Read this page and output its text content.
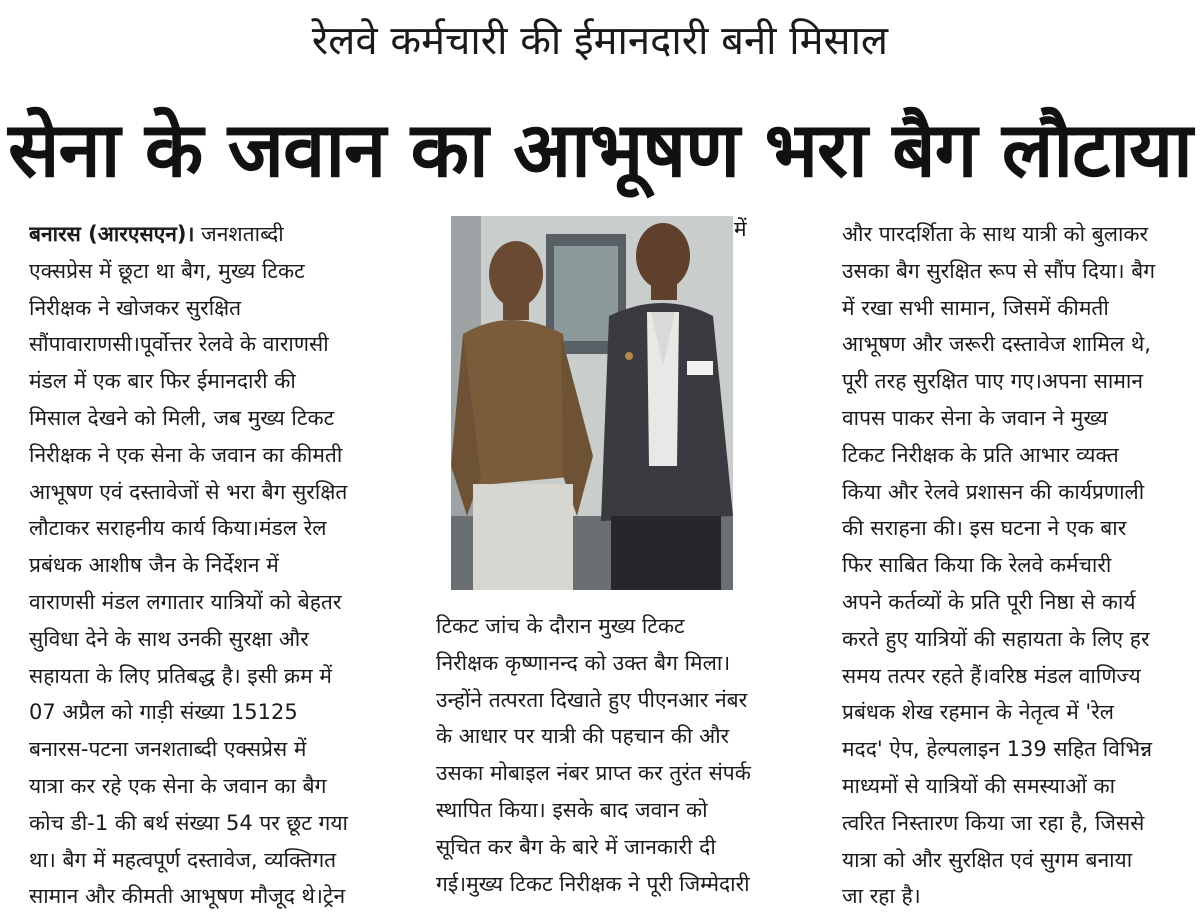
रेलवे कर्मचारी की ईमानदारी बनी मिसाल
सेना के जवान का आभूषण भरा बैग लौटाया
बनारस (आरएसएन)। जनशताब्दी
एक्सप्रेस में छूटा था बैग, मुख्य टिकट
निरीक्षक ने खोजकर सुरक्षित
सौंपावाराणसी।पूर्वोत्तर रेलवे के वाराणसी
मंडल में एक बार फिर ईमानदारी की
मिसाल देखने को मिली, जब मुख्य टिकट
निरीक्षक ने एक सेना के जवान का कीमती
आभूषण एवं दस्तावेजों से भरा बैग सुरक्षित
लौटाकर सराहनीय कार्य किया।मंडल रेल
प्रबंधक आशीष जैन के निर्देशन में
वाराणसी मंडल लगातार यात्रियों को बेहतर
सुविधा देने के साथ उनकी सुरक्षा और
सहायता के लिए प्रतिबद्ध है। इसी क्रम में
07 अप्रैल को गाड़ी संख्या 15125
बनारस-पटना जनशताब्दी एक्सप्रेस में
यात्रा कर रहे एक सेना के जवान का बैग
कोच डी-1 की बर्थ संख्या 54 पर छूट गया
था। बैग में महत्वपूर्ण दस्तावेज, व्यक्तिगत
सामान और कीमती आभूषण मौजूद थे।ट्रेन
में
टिकट जांच के दौरान मुख्य टिकट
निरीक्षक कृष्णानन्द को उक्त बैग मिला।
उन्होंने तत्परता दिखाते हुए पीएनआर नंबर
के आधार पर यात्री की पहचान की और
उसका मोबाइल नंबर प्राप्त कर तुरंत संपर्क
स्थापित किया। इसके बाद जवान को
सूचित कर बैग के बारे में जानकारी दी
गई।मुख्य टिकट निरीक्षक ने पूरी जिम्मेदारी
और पारदर्शिता के साथ यात्री को बुलाकर
उसका बैग सुरक्षित रूप से सौंप दिया। बैग
में रखा सभी सामान, जिसमें कीमती
आभूषण और जरूरी दस्तावेज शामिल थे,
पूरी तरह सुरक्षित पाए गए।अपना सामान
वापस पाकर सेना के जवान ने मुख्य
टिकट निरीक्षक के प्रति आभार व्यक्त
किया और रेलवे प्रशासन की कार्यप्रणाली
की सराहना की। इस घटना ने एक बार
फिर साबित किया कि रेलवे कर्मचारी
अपने कर्तव्यों के प्रति पूरी निष्ठा से कार्य
करते हुए यात्रियों की सहायता के लिए हर
समय तत्पर रहते हैं।वरिष्ठ मंडल वाणिज्य
प्रबंधक शेख रहमान के नेतृत्व में 'रेल
मदद' ऐप, हेल्पलाइन 139 सहित विभिन्न
माध्यमों से यात्रियों की समस्याओं का
त्वरित निस्तारण किया जा रहा है, जिससे
यात्रा को और सुरक्षित एवं सुगम बनाया
जा रहा है।
